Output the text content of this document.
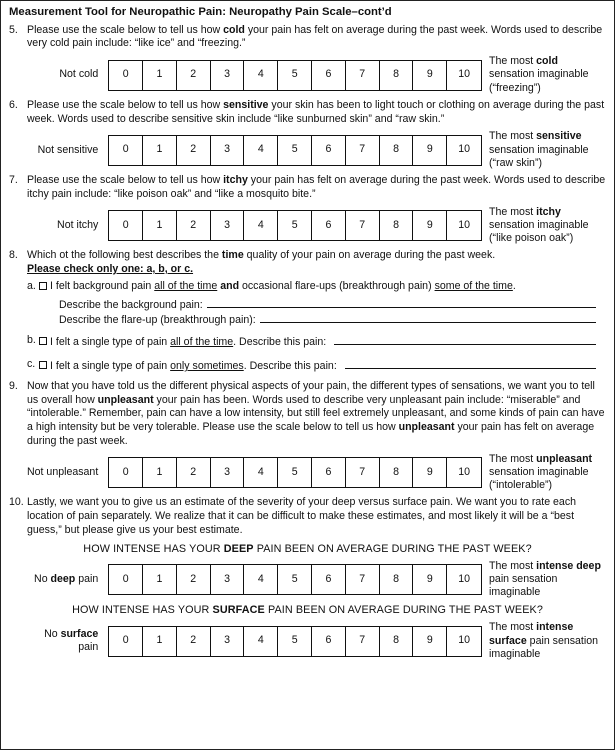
Measurement Tool for Neuropathic Pain: Neuropathy Pain Scale–cont’d
5. Please use the scale below to tell us how cold your pain has felt on average during the past week. Words used to describe very cold pain include: “like ice” and “freezing.”

Not cold	0	1	2	3	4	5	6	7	8	9	10
The most cold sensation imaginable (“freezing”)
6. Please use the scale below to tell us how sensitive your skin has been to light touch or clothing on average during the past week. Words used to describe sensitive skin include “like sunburned skin” and “raw skin.”

Not sensitive	0	1	2	3	4	5	6	7	8	9	10
The most sensitive sensation imaginable (“raw skin”)
7. Please use the scale below to tell us how itchy your pain has felt on average during the past week. Words used to describe itchy pain include: “like poison oak” and “like a mosquito bite.”

Not itchy	0	1	2	3	4	5	6	7	8	9	10
The most itchy sensation imaginable (“like poison oak”)
8. Which ot the following best describes the time quality of your pain on average during the past week.

Please check only one: a, b, or c.

a. I felt background pain all of the time and occasional flare-ups (breakthrough pain) some of the time.
Describe the background pain:
Describe the flare-up (breakthrough pain):
b. I felt a single type of pain all of the time . Describe this pain:
c. I felt a single type of pain only sometimes . Describe this pain:
9. Now that you have told us the different physical aspects of your pain, the different types of sensations, we want you to tell us overall how unpleasant your pain has been. Words used to describe very unpleasant pain include: “miserable” and “intolerable.” Remember, pain can have a low intensity, but still feel extremely unpleasant, and some kinds of pain can have a high intensity but be very tolerable. Please use the scale below to tell us how unpleasant your pain has felt on average during the past week.

Not unpleasant	0	1	2	3	4	5	6	7	8	9	10
The most unpleasant sensation imaginable (“intolerable”)
10. Lastly, we want you to give us an estimate of the severity of your deep versus surface pain. We want you to rate each location of pain separately. We realize that it can be difficult to make these estimates, and most likely it will be a “best guess,” but please give us your best estimate.

HOW INTENSE HAS YOUR DEEP PAIN BEEN ON AVERAGE DURING THE PAST WEEK?
No deep pain	0	1	2	3	4	5	6	7	8	9	10
The most intense deep pain sensation imaginable
HOW INTENSE HAS YOUR SURFACE PAIN BEEN ON AVERAGE DURING THE PAST WEEK?
No surface pain
0	1	2	3	4	5	6	7	8	9	10
The most intense surface pain sensation imaginable
